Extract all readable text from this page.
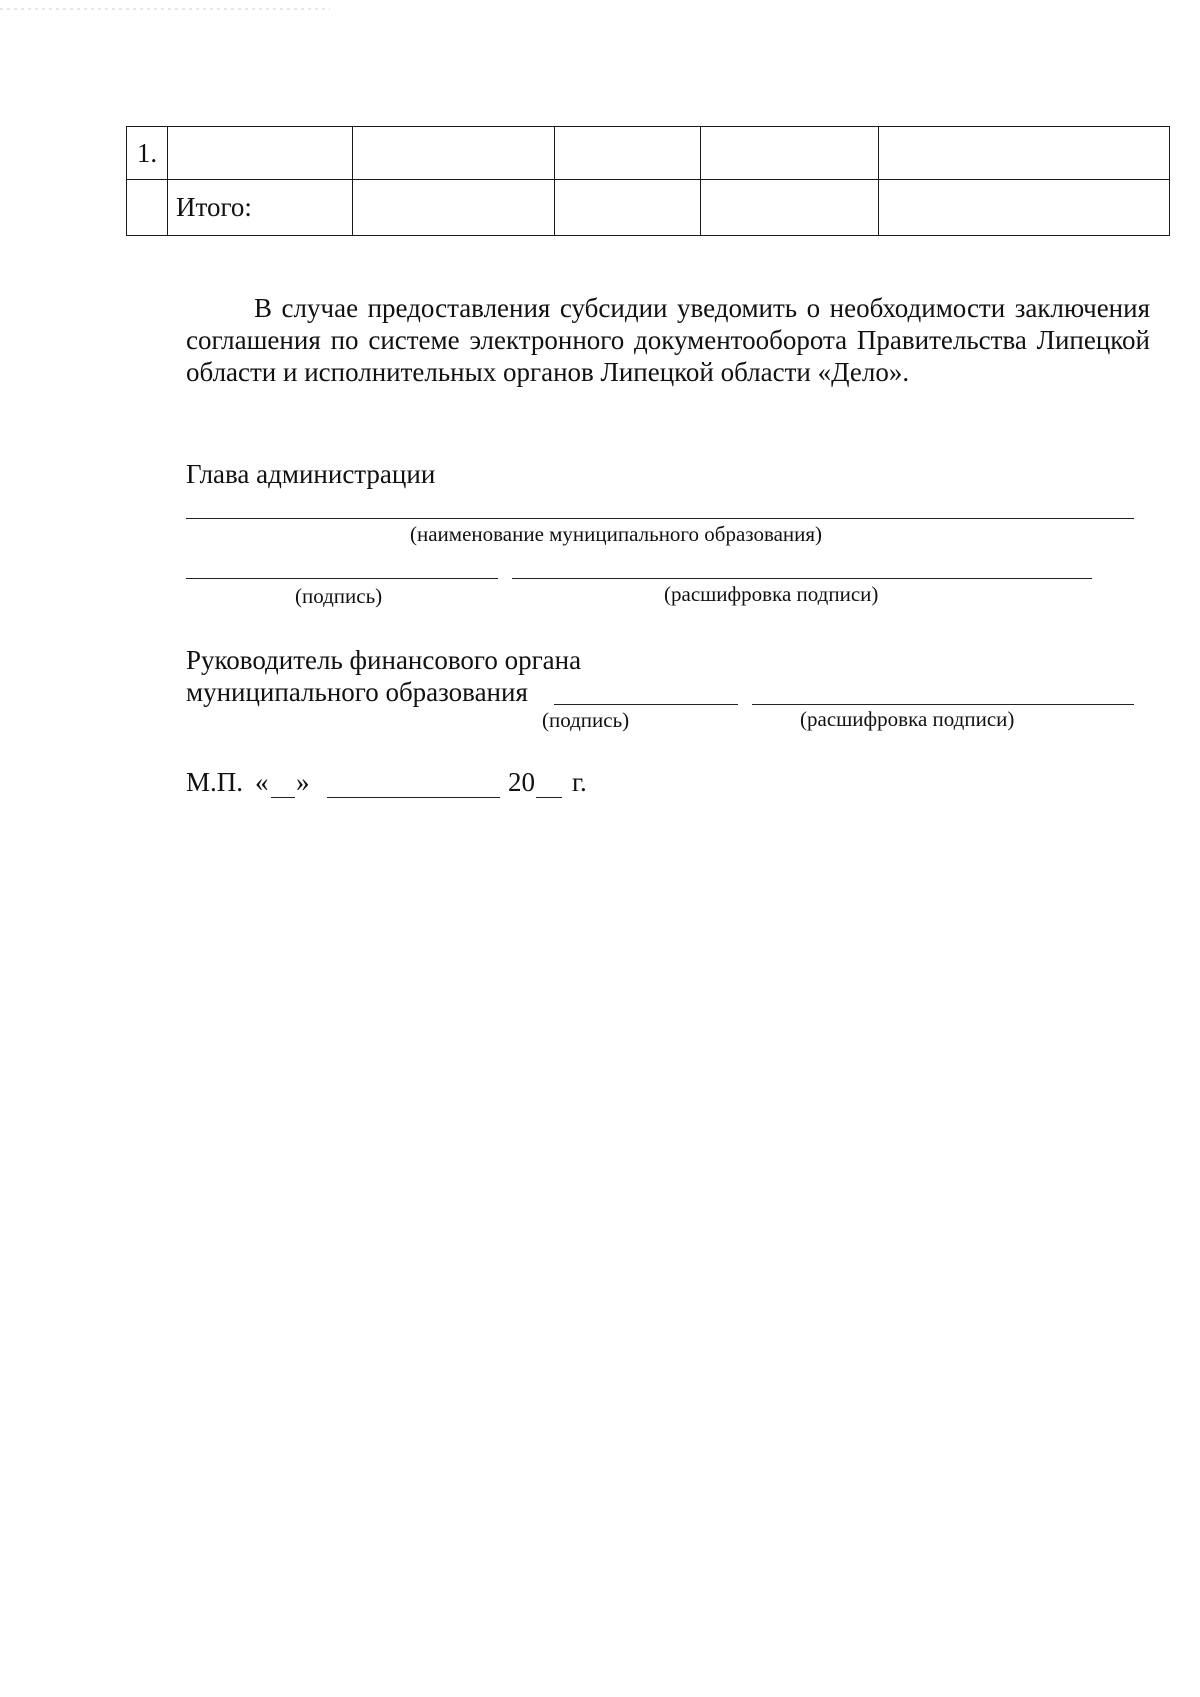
1.					
	Итого:				

В случае предоставления субсидии уведомить о необходимости заключения соглашения по системе электронного документооборота Правительства Липецкой области и исполнительных органов Липецкой области «Дело».

Глава администрации
(наименование муниципального образования)
(подпись)	(расшифровка подписи)
Руководитель финансового органа
муниципального образования
(подпись)	(расшифровка подписи)
М.П. « »	20 г.
